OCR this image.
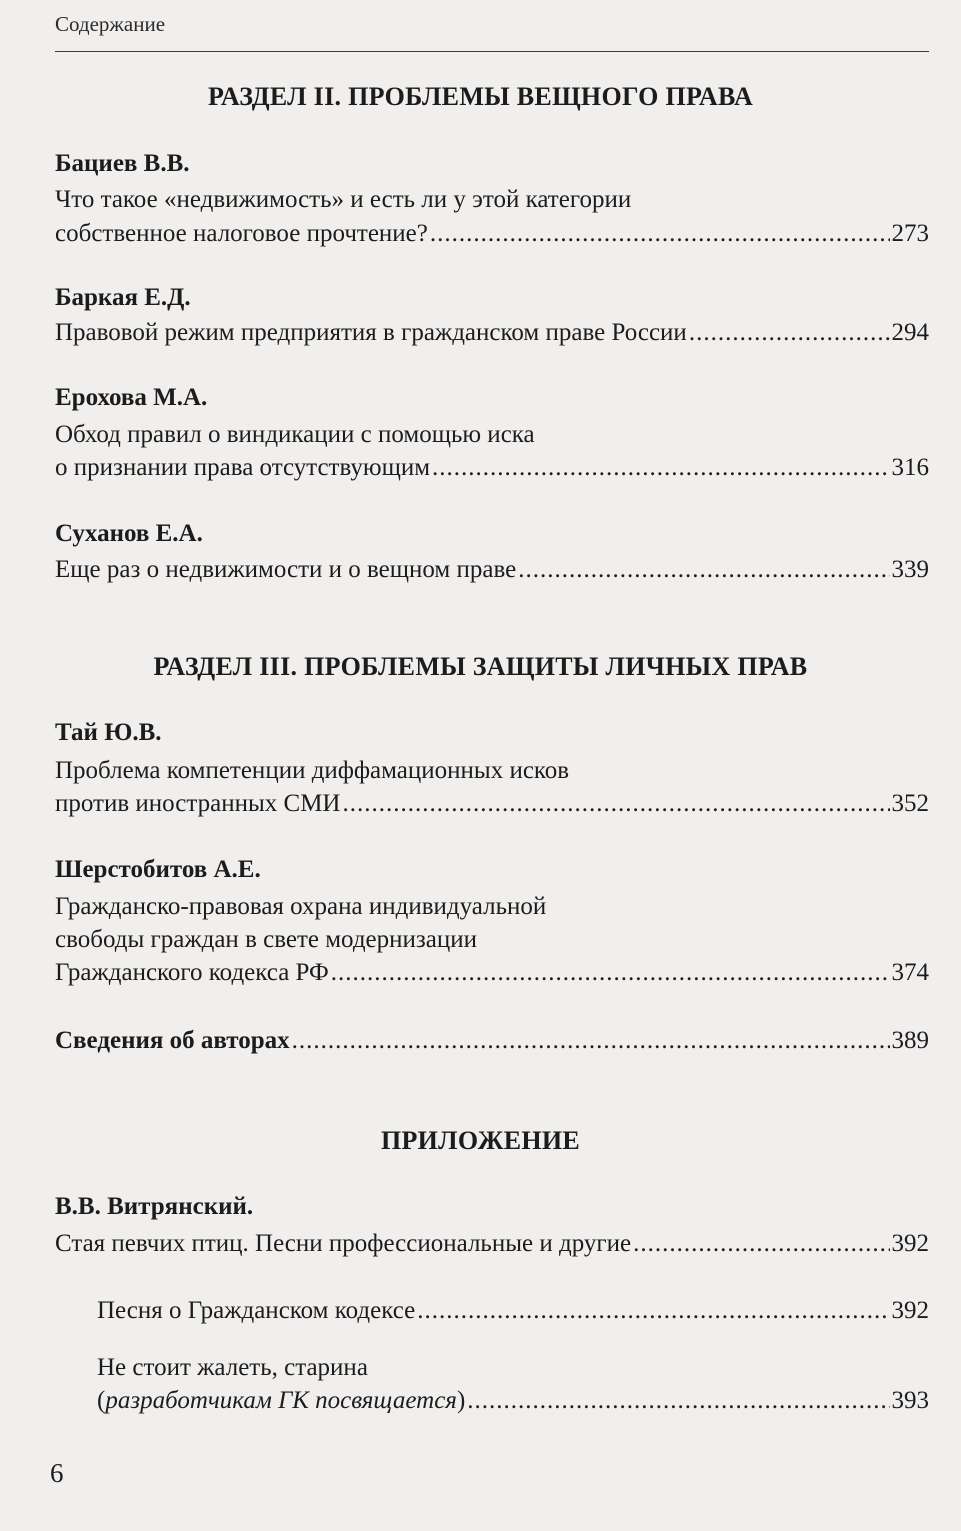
Содержание
РАЗДЕЛ II. ПРОБЛЕМЫ ВЕЩНОГО ПРАВА
Бациев В.В.
Что такое «недвижимость» и есть ли у этой категории
собственное налоговое прочтение? .....	273
Баркая Е.Д.
Правовой режим предприятия в гражданском праве России .....	294
Ерохова М.А.
Обход правил о виндикации с помощью иска
о признании права отсутствующим .....	316
Суханов Е.А.
Еще раз о недвижимости и о вещном праве .....	339
РАЗДЕЛ III. ПРОБЛЕМЫ ЗАЩИТЫ ЛИЧНЫХ ПРАВ
Тай Ю.В.
Проблема компетенции диффамационных исков
против иностранных СМИ .....	352
Шерстобитов А.Е.
Гражданско-правовая охрана индивидуальной
свободы граждан в свете модернизации
Гражданского кодекса РФ .....	374
Сведения об авторах .....	389
ПРИЛОЖЕНИЕ
В.В. Витрянский.
Стая певчих птиц. Песни профессиональные и другие .....	392
Песня о Гражданском кодексе .....	392
Не стоит жалеть, старина
(разработчикам ГК посвящается) .....	393
6
